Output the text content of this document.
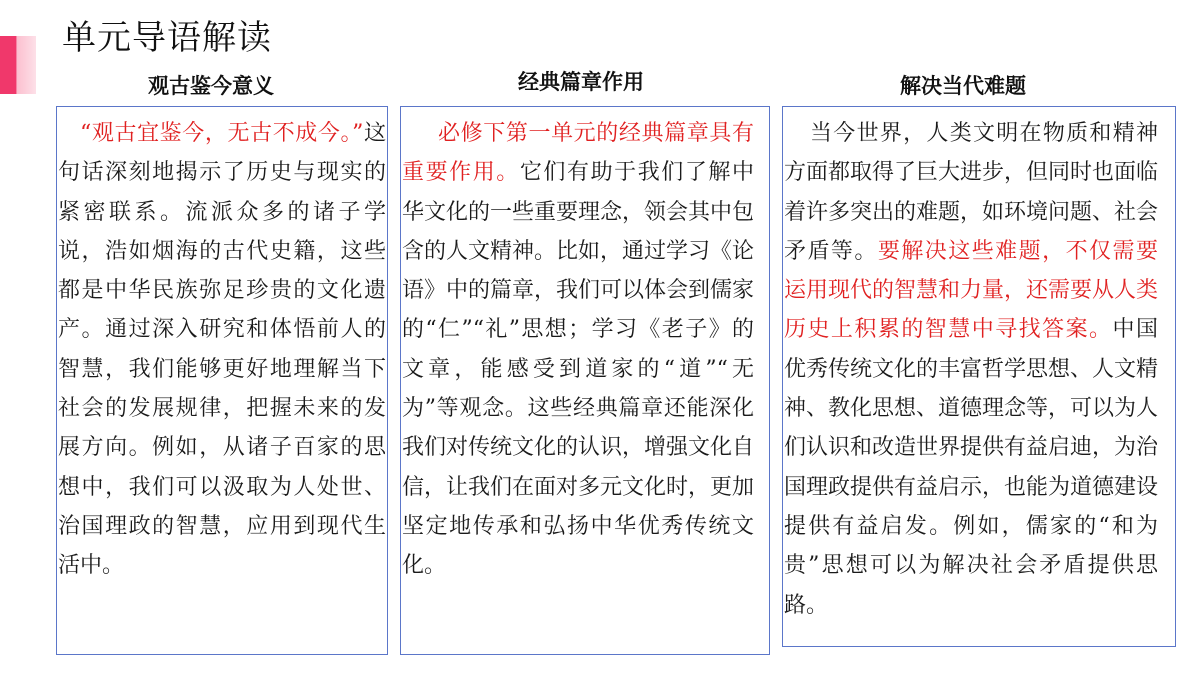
单元导语解读
观古鉴今意义
“观古宜鉴今，无古不成今。”这句话深刻地揭示了历史与现实的紧密联系。流派众多的诸子学说，浩如烟海的古代史籍，这些都是中华民族弥足珍贵的文化遗产。通过深入研究和体悟前人的智慧，我们能够更好地理解当下社会的发展规律，把握未来的发展方向。例如，从诸子百家的思想中，我们可以汲取为人处世、治国理政的智慧，应用到现代生活中。
经典篇章作用
必修下第一单元的经典篇章具有重要作用。它们有助于我们了解中华文化的一些重要理念，领会其中包含的人文精神。比如，通过学习《论语》中的篇章，我们可以体会到儒家的“仁”“礼”思想；学习《老子》的文章，能感受到道家的“道”“无为”等观念。这些经典篇章还能深化我们对传统文化的认识，增强文化自信，让我们在面对多元文化时，更加坚定地传承和弘扬中华优秀传统文化。
解决当代难题
当今世界，人类文明在物质和精神方面都取得了巨大进步，但同时也面临着许多突出的难题，如环境问题、社会矛盾等。要解决这些难题，不仅需要运用现代的智慧和力量，还需要从人类历史上积累的智慧中寻找答案。中国优秀传统文化的丰富哲学思想、人文精神、教化思想、道德理念等，可以为人们认识和改造世界提供有益启迪，为治国理政提供有益启示，也能为道德建设提供有益启发。例如，儒家的“和为贵”思想可以为解决社会矛盾提供思路。
